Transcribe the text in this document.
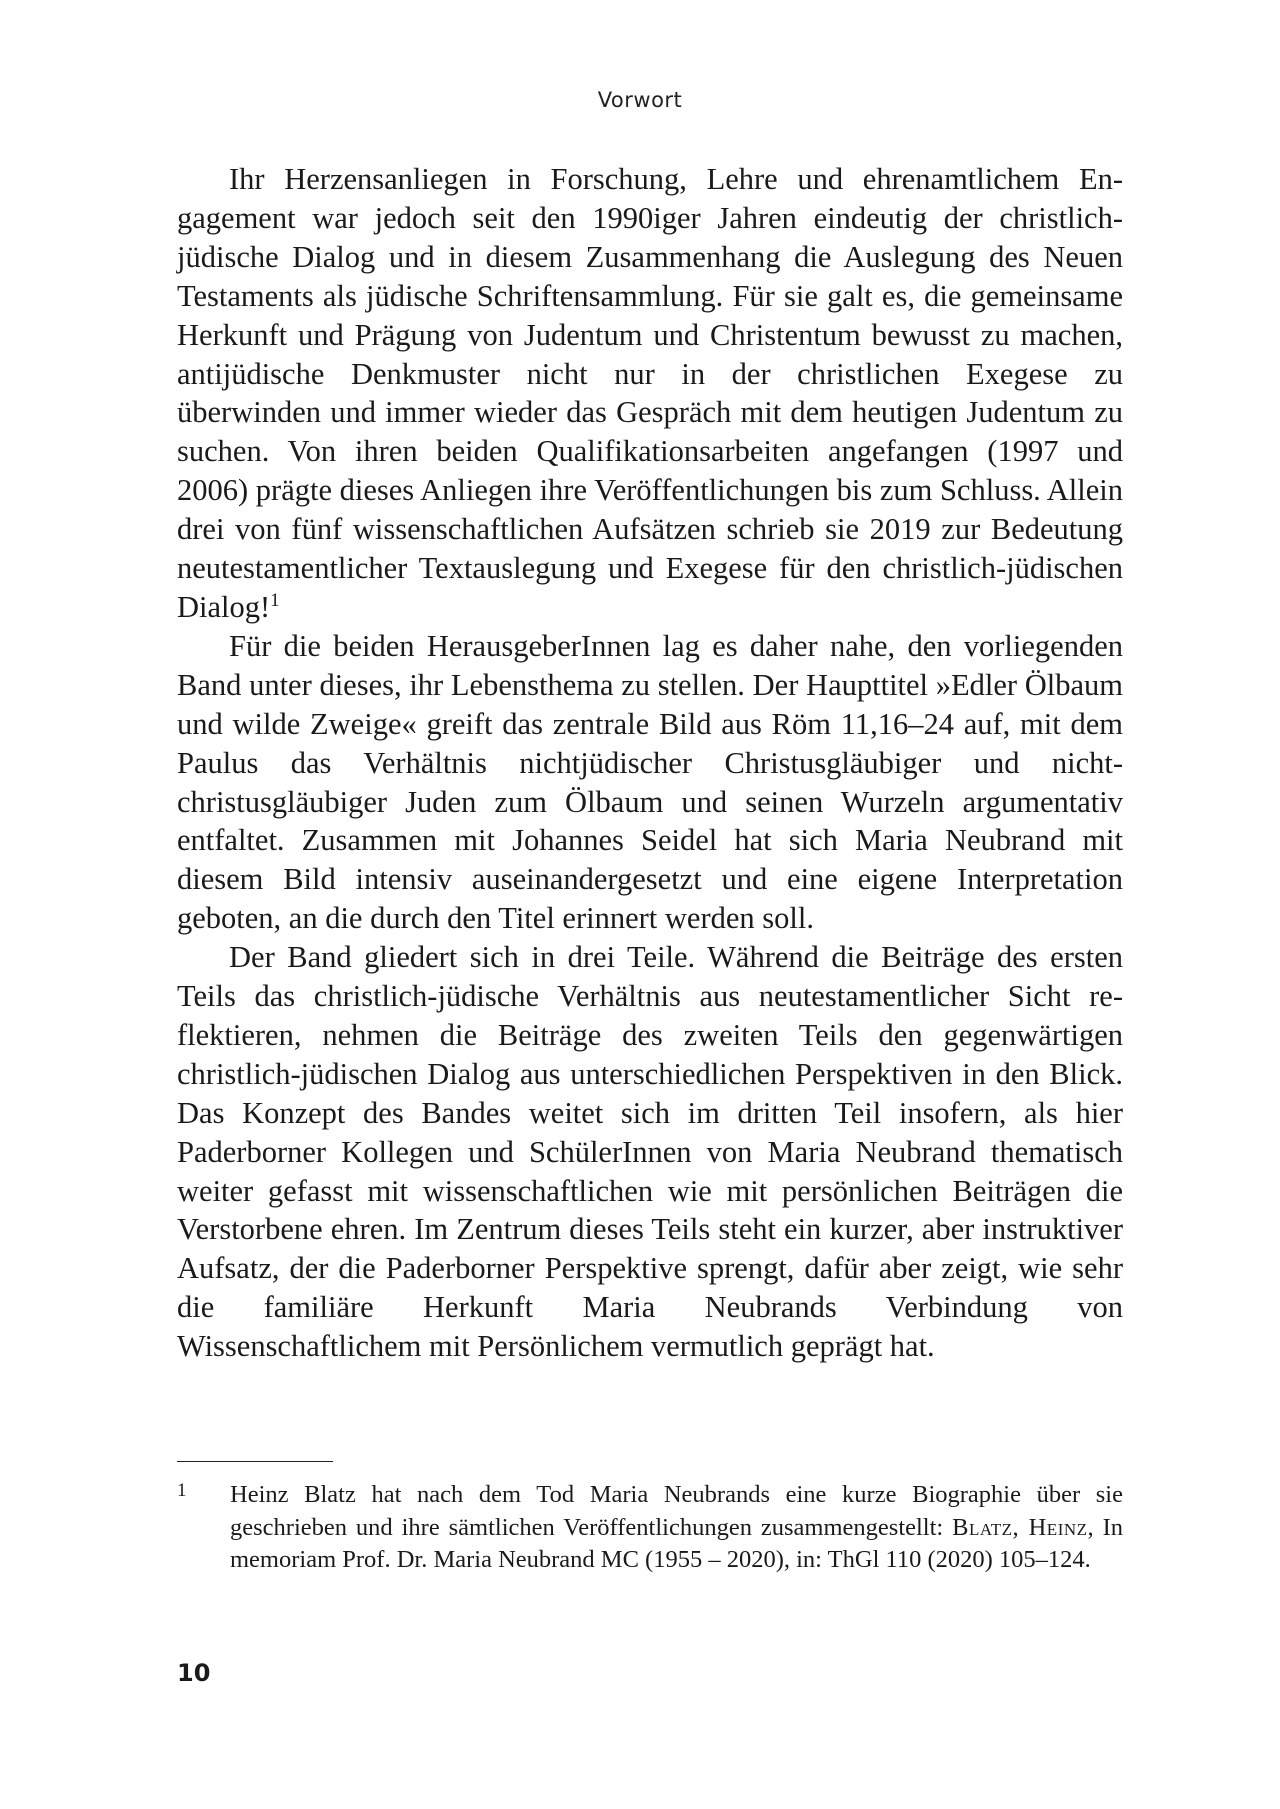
Vorwort

Ihr Herzensanliegen in Forschung, Lehre und ehrenamtlichem Engagement war jedoch seit den 1990iger Jahren eindeutig der christlich-jüdische Dialog und in diesem Zusammenhang die Auslegung des Neuen Testaments als jüdische Schriftensammlung. Für sie galt es, die gemeinsame Herkunft und Prägung von Judentum und Christentum bewusst zu machen, antijüdische Denkmuster nicht nur in der christlichen Exegese zu überwinden und immer wieder das Gespräch mit dem heutigen Judentum zu suchen. Von ihren beiden Qualifikationsarbeiten angefangen (1997 und 2006) prägte dieses Anliegen ihre Veröffentlichungen bis zum Schluss. Allein drei von fünf wissenschaftlichen Aufsätzen schrieb sie 2019 zur Bedeutung neutestamentlicher Textauslegung und Exegese für den christlich-jüdischen Dialog!$^1$

Für die beiden HerausgeberInnen lag es daher nahe, den vorliegenden Band unter dieses, ihr Lebensthema zu stellen. Der Haupttitel »Edler Ölbaum und wilde Zweige« greift das zentrale Bild aus Röm 11,16–24 auf, mit dem Paulus das Verhältnis nichtjüdischer Christusgläubiger und nicht-christusgläubiger Juden zum Ölbaum und seinen Wurzeln argumentativ entfaltet. Zusammen mit Johannes Seidel hat sich Maria Neubrand mit diesem Bild intensiv auseinandergesetzt und eine eigene Interpretation geboten, an die durch den Titel erinnert werden soll.

Der Band gliedert sich in drei Teile. Während die Beiträge des ersten Teils das christlich-jüdische Verhältnis aus neutestamentlicher Sicht reflektieren, nehmen die Beiträge des zweiten Teils den gegenwärtigen christlich-jüdischen Dialog aus unterschiedlichen Perspektiven in den Blick. Das Konzept des Bandes weitet sich im dritten Teil insofern, als hier Paderborner Kollegen und SchülerInnen von Maria Neubrand thematisch weiter gefasst mit wissenschaftlichen wie mit persönlichen Beiträgen die Verstorbene ehren. Im Zentrum dieses Teils steht ein kurzer, aber instruktiver Aufsatz, der die Paderborner Perspektive sprengt, dafür aber zeigt, wie sehr die familiäre Herkunft Maria Neubrands Verbindung von Wissenschaftlichem mit Persönlichem vermutlich geprägt hat.

1 Heinz Blatz hat nach dem Tod Maria Neubrands eine kurze Biographie über sie geschrieben und ihre sämtlichen Veröffentlichungen zusammengestellt: Blatz, Heinz, In memoriam Prof. Dr. Maria Neubrand MC (1955 – 2020), in: ThGl 110 (2020) 105–124.
10
